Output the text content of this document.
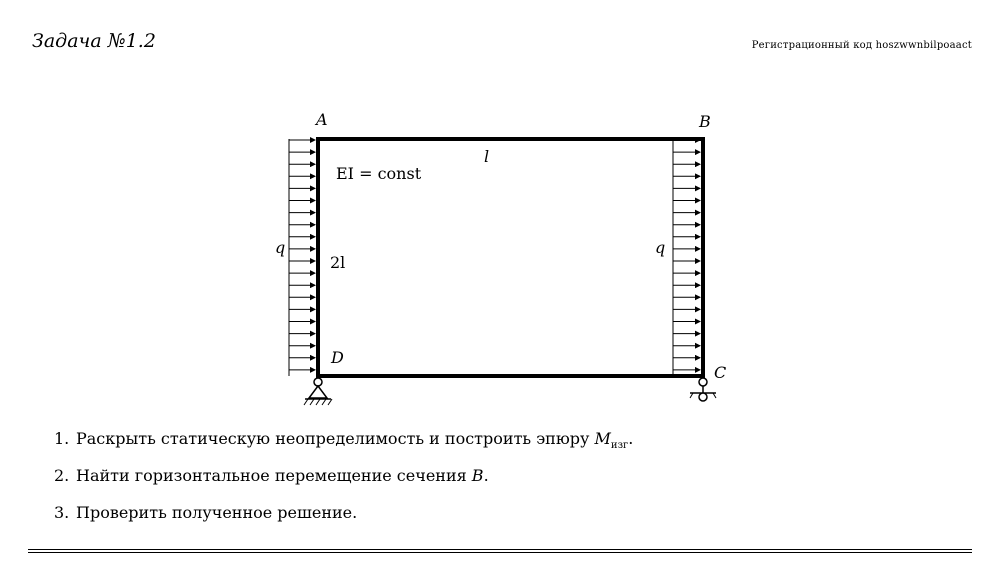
Задача №1.2	Регистрационный код hoszwwnbilpoaact
A	B
C
D
l
2l
EI = const
q	q
1. Раскрыть статическую неопределимость и построить эпюру $M_{изг}$.
2. Найти горизонтальное перемещение сечения B.
3. Проверить полученное решение.
